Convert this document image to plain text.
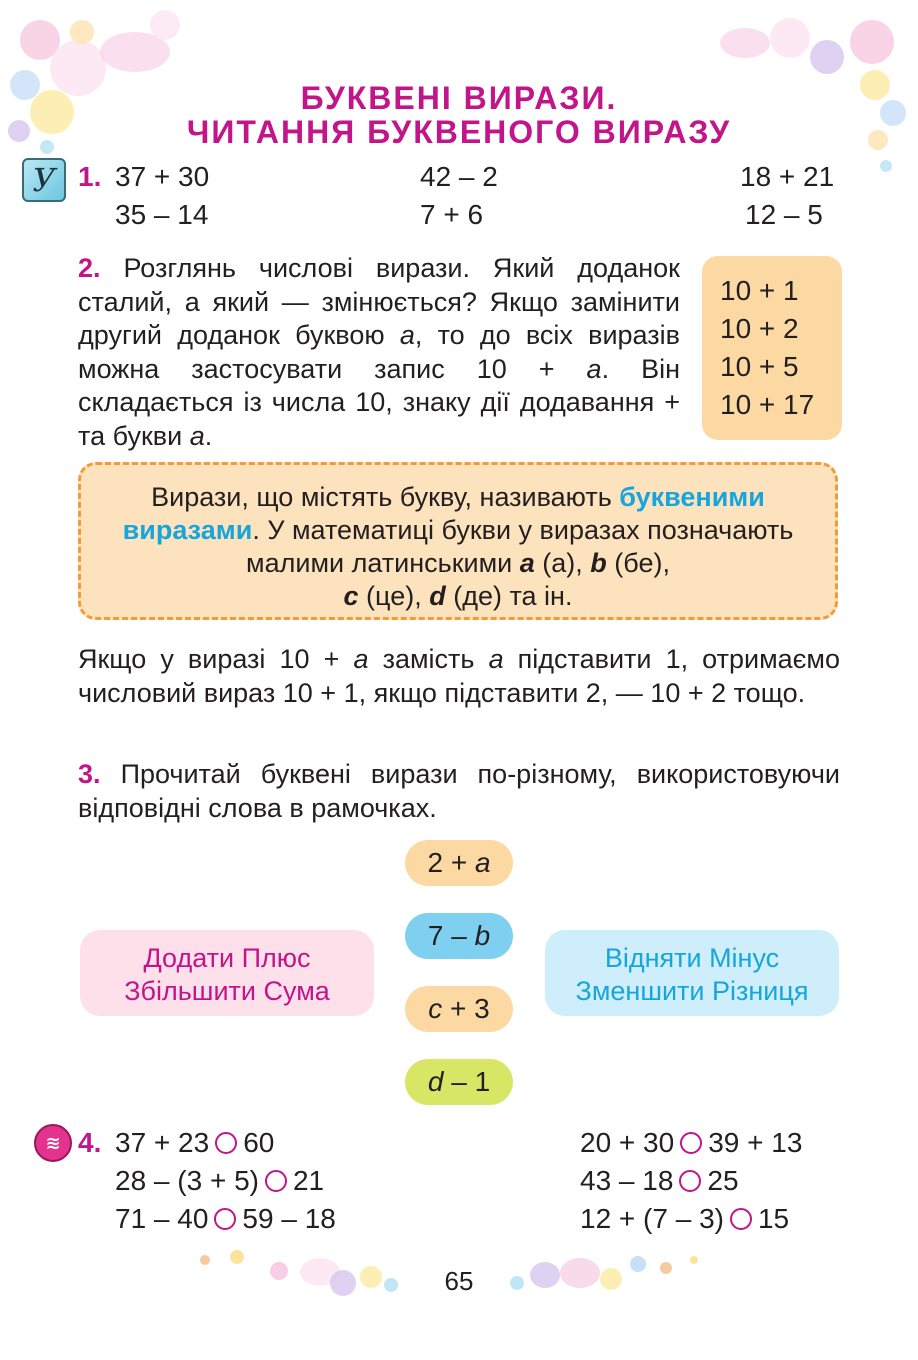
БУКВЕНІ ВИРАЗИ.
ЧИТАННЯ БУКВЕНОГО ВИРАЗУ
У 1. 37 + 30
35 – 14
42 – 2
7 + 6
18 + 21
12 – 5
2. Розглянь числові вирази. Який доданок сталий, а який — змінюється? Якщо замінити другий доданок буквою а, то до всіх виразів можна застосувати запис 10 + а. Він складається із числа 10, знаку дії додавання + та букви а.
10 + 1
10 + 2
10 + 5
10 + 17
Вирази, що містять букву, називають буквеними виразами. У математиці букви у виразах позначають малими латинськими a (а), b (бе),
c (це), d (де) та ін.
Якщо у виразі 10 + а замість а підставити 1, отримаємо числовий вираз 10 + 1, якщо підставити 2, — 10 + 2 тощо.
3. Прочитай буквені вирази по-різному, використовуючи відповідні слова в рамочках.
2 + a
7 – b
c + 3
d – 1
Додати Плюс
Збільшити Сума
Відняти Мінус
Зменшити Різниця
≋ 4. 37 + 23 60
28 – (3 + 5) 21
71 – 40 59 – 18
20 + 30 39 + 13
43 – 18 25
12 + (7 – 3) 15
65
